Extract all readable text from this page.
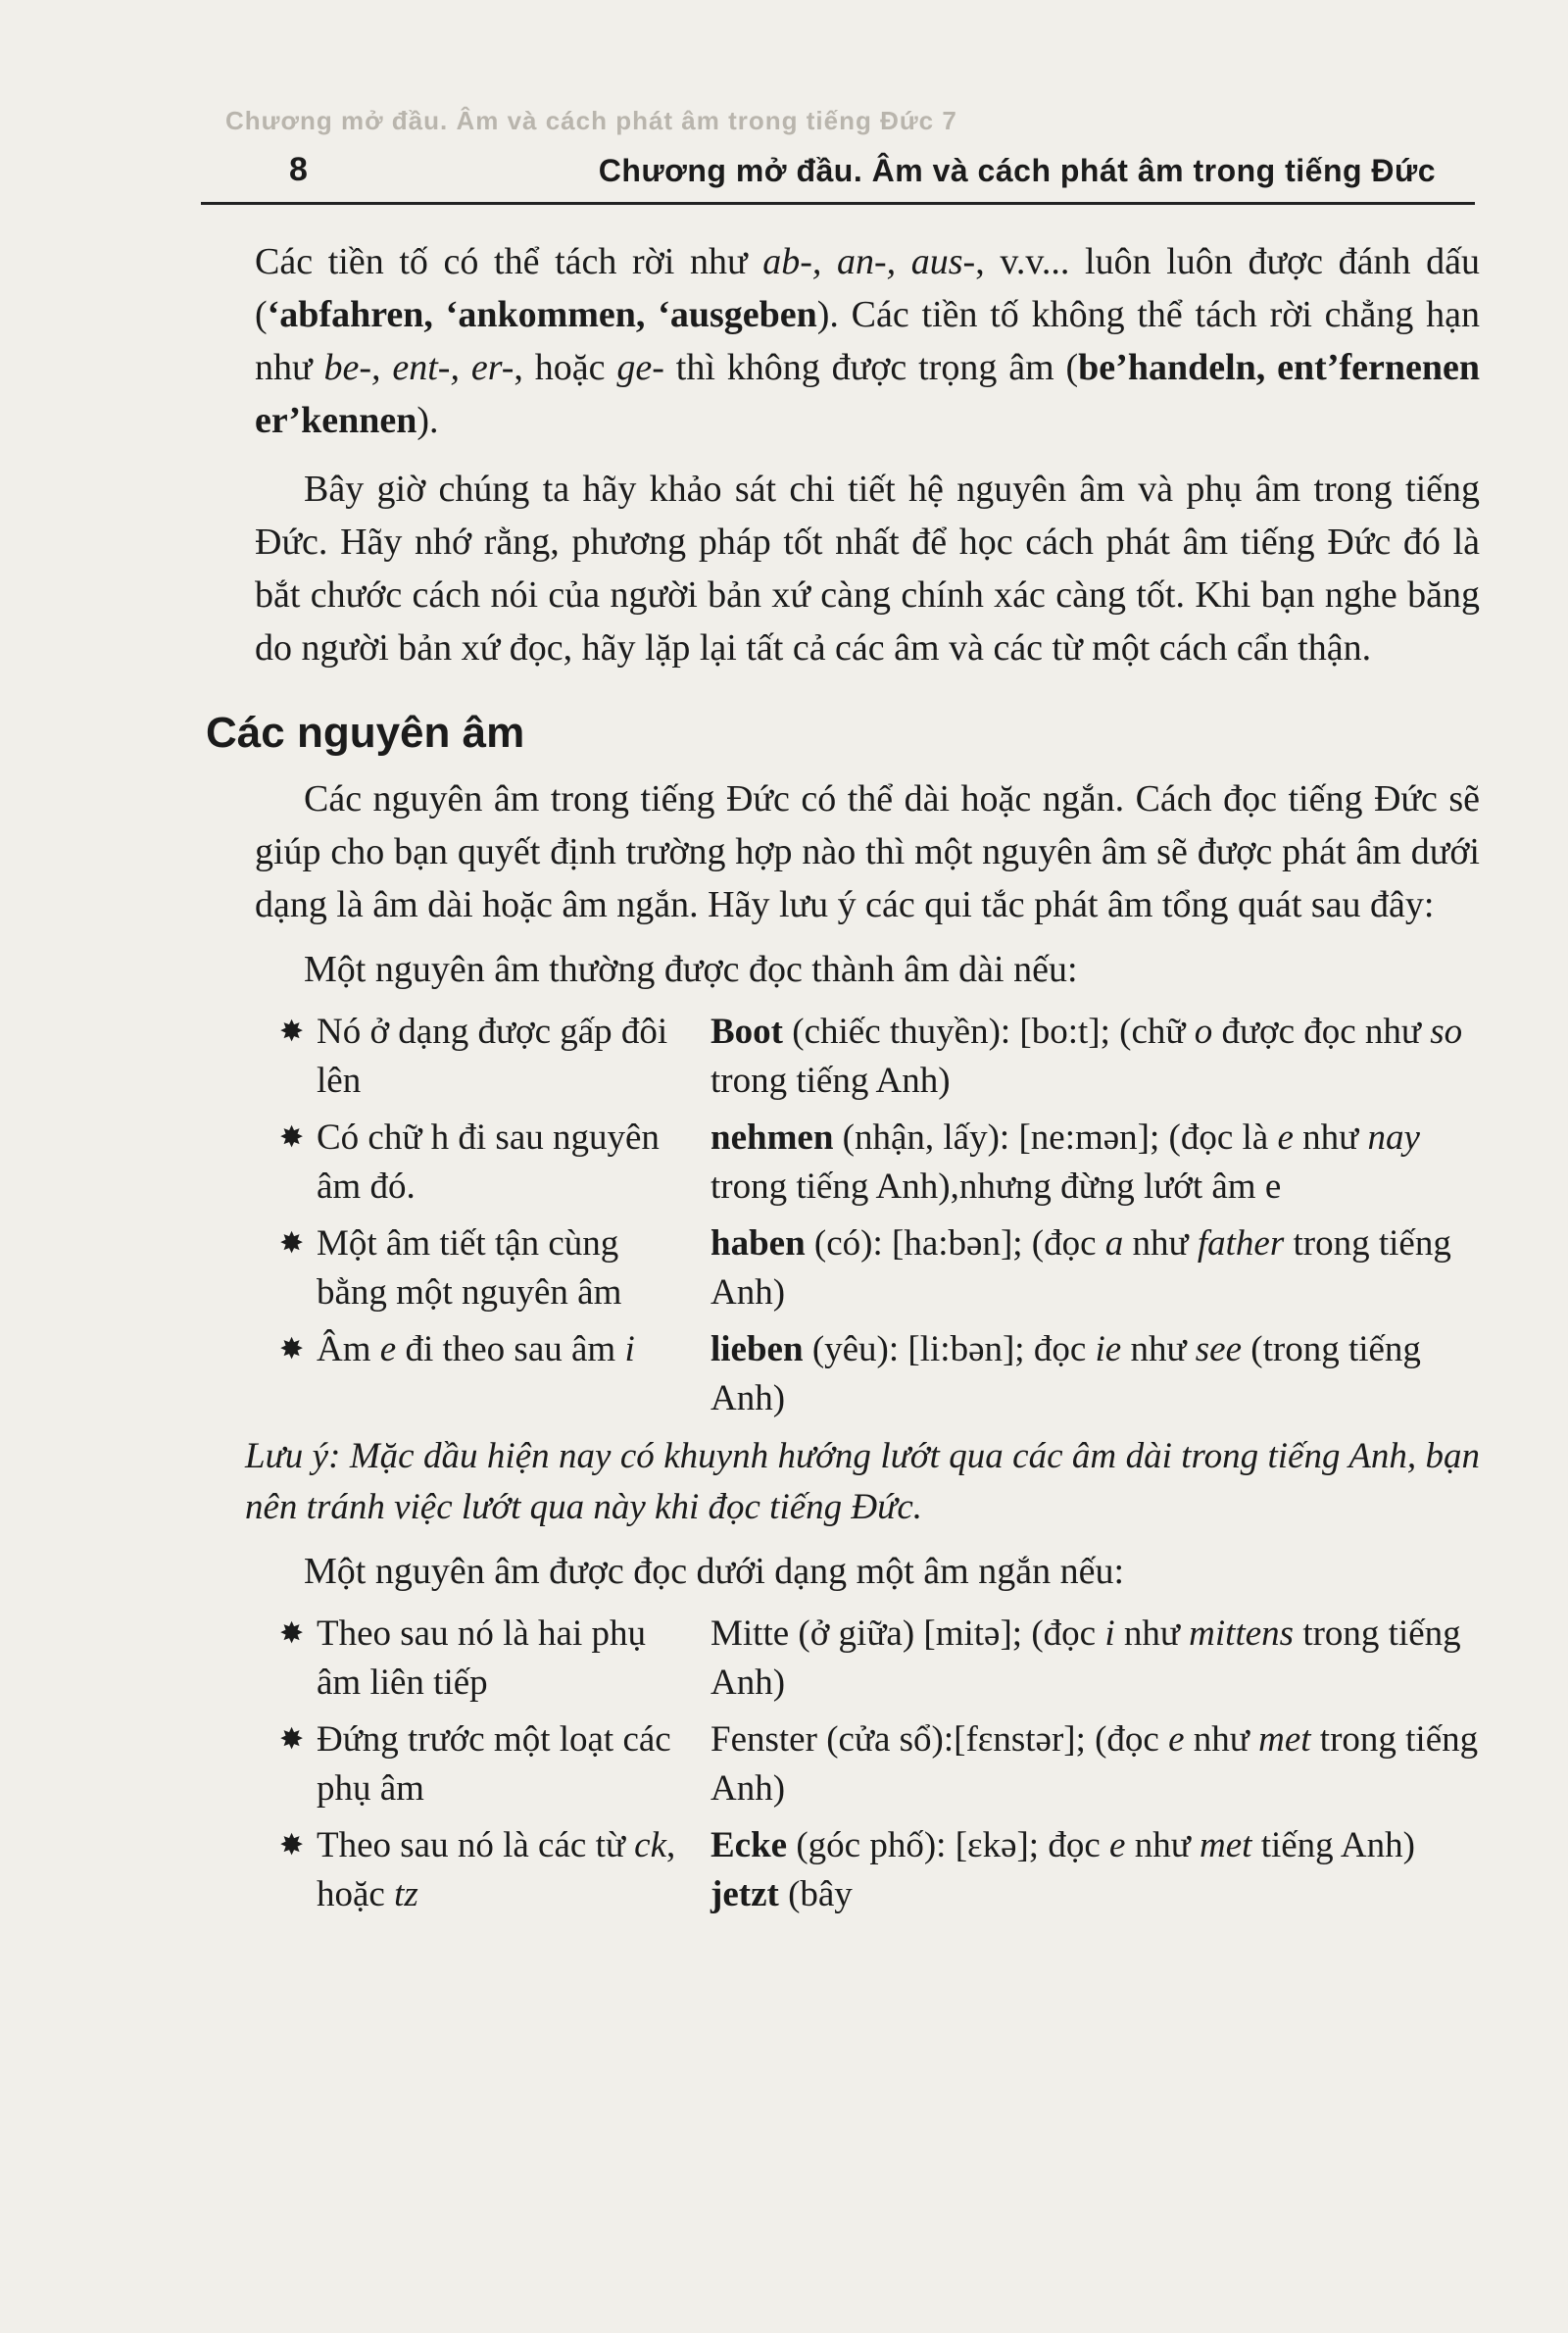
Chương mở đầu. Âm và cách phát âm trong tiếng Đức 7
8	Chương mở đầu. Âm và cách phát âm trong tiếng Đức

Các tiền tố có thể tách rời như ab-, an-, aus-, v.v... luôn luôn được đánh dấu (‘abfahren, ‘ankommen, ‘ausgeben). Các tiền tố không thể tách rời chẳng hạn như be-, ent-, er-, hoặc ge- thì không được trọng âm (be’handeln, ent’fernenen er’kennen).

Bây giờ chúng ta hãy khảo sát chi tiết hệ nguyên âm và phụ âm trong tiếng Đức. Hãy nhớ rằng, phương pháp tốt nhất để học cách phát âm tiếng Đức đó là bắt chước cách nói của người bản xứ càng chính xác càng tốt. Khi bạn nghe băng do người bản xứ đọc, hãy lặp lại tất cả các âm và các từ một cách cẩn thận.

Các nguyên âm

Các nguyên âm trong tiếng Đức có thể dài hoặc ngắn. Cách đọc tiếng Đức sẽ giúp cho bạn quyết định trường hợp nào thì một nguyên âm sẽ được phát âm dưới dạng là âm dài hoặc âm ngắn. Hãy lưu ý các qui tắc phát âm tổng quát sau đây:

Một nguyên âm thường được đọc thành âm dài nếu:
✸ Nó ở dạng được gấp đôi lên
Boot (chiếc thuyền): [bo:t]; (chữ o được đọc như so trong tiếng Anh)
✸ Có chữ h đi sau nguyên âm đó.
nehmen (nhận, lấy): [ne:mən]; (đọc là e như nay trong tiếng Anh),nhưng đừng lướt âm e
✸ Một âm tiết tận cùng bằng một nguyên âm
haben (có): [ha:bən]; (đọc a như father trong tiếng Anh)
✸ Âm e đi theo sau âm i	lieben (yêu): [li:bən]; đọc ie như see (trong tiếng Anh)

Lưu ý: Mặc dầu hiện nay có khuynh hướng lướt qua các âm dài trong tiếng Anh, bạn nên tránh việc lướt qua này khi đọc tiếng Đức.

Một nguyên âm được đọc dưới dạng một âm ngắn nếu:
✸ Theo sau nó là hai phụ âm liên tiếp
Mitte (ở giữa) [mitə]; (đọc i như mittens trong tiếng Anh)
✸ Đứng trước một loạt các phụ âm
Fenster (cửa sổ):[fɛnstər]; (đọc e như met trong tiếng Anh)
✸ Theo sau nó là các từ ck, hoặc tz
Ecke (góc phố): [ɛkə]; đọc e như met tiếng Anh) jetzt (bây
